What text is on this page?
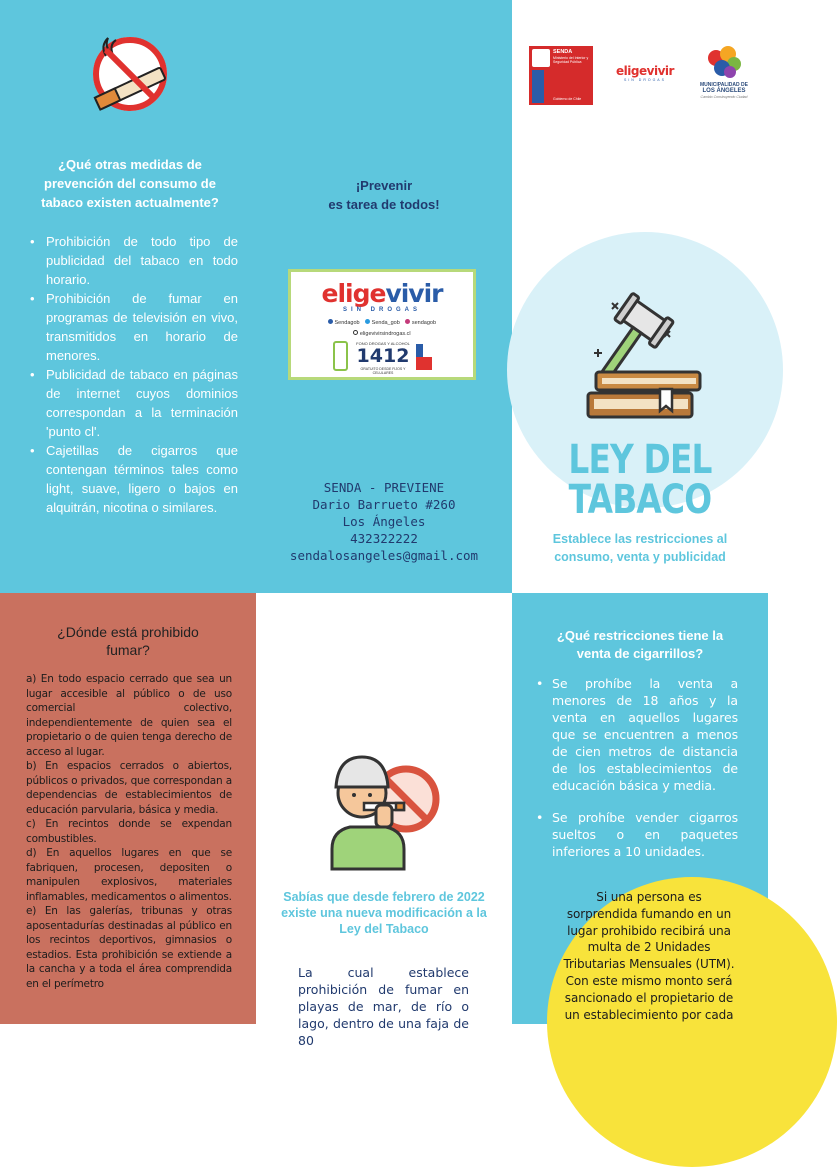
¿Qué otras medidas de prevención del consumo de tabaco existen actualmente?
• Prohibición de todo tipo de publicidad del tabaco en todo horario.
• Prohibición de fumar en programas de televisión en vivo, transmitidos en horario de menores.
• Publicidad de tabaco en páginas de internet cuyos dominios correspondan a la terminación 'punto cl'.
• Cajetillas de cigarros que contengan términos tales como light, suave, ligero o bajos en alquitrán, nicotina o similares.
¡Prevenir
es tarea de todos!
eligevivir
SIN DROGAS
Sendagob Senda_gob sendagob
eligevivirsindrogas.cl
FONO DROGAS Y ALCOHOL
1412
GRATUITO DESDE FIJOS Y CELULARES
SENDA - PREVIENE
Dario Barrueto #260
Los Ángeles
432322222
sendalosangeles@gmail.com
SENDA
Ministerio del Interior y Seguridad Pública
Gobierno de Chile
eligevivir
SIN DROGAS
MUNICIPALIDAD DE
LOS ÁNGELES
Cambio Construyendo Ciudad
LEY DEL
TABACO
Establece las restricciones al consumo, venta y publicidad
¿Dónde está prohibido fumar?
a) En todo espacio cerrado que sea un lugar accesible al público o de uso comercial colectivo, independientemente de quien sea el propietario o de quien tenga derecho de acceso al lugar.
b) En espacios cerrados o abiertos, públicos o privados, que correspondan a dependencias de establecimientos de educación parvularia, básica y media.
c) En recintos donde se expendan combustibles.
d) En aquellos lugares en que se fabriquen, procesen, depositen o manipulen explosivos, materiales inflamables, medicamentos o alimentos.
e) En las galerías, tribunas y otras aposentadurías destinadas al público en los recintos deportivos, gimnasios o estadios. Esta prohibición se extiende a la cancha y a toda el área comprendida en el perímetro
Sabías que desde febrero de 2022 existe una nueva modificación a la Ley del Tabaco
La cual establece prohibición de fumar en playas de mar, de río o lago, dentro de una faja de 80
¿Qué restricciones tiene la venta de cigarrillos?
• Se prohíbe la venta a menores de 18 años y la venta en aquellos lugares que se encuentren a menos de cien metros de distancia de los establecimientos de educación básica y media.
• Se prohíbe vender cigarros sueltos o en paquetes inferiores a 10 unidades.
Si una persona es sorprendida fumando en un lugar prohibido recibirá una multa de 2 Unidades Tributarias Mensuales (UTM). Con este mismo monto será sancionado el propietario de un establecimiento por cada
